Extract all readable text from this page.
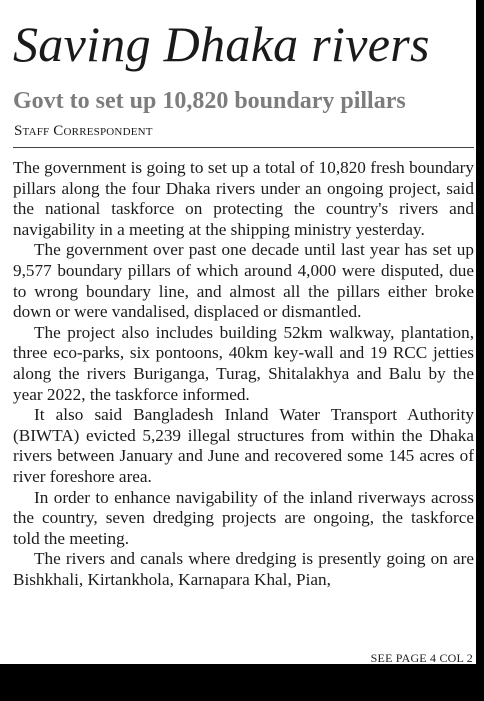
Saving Dhaka rivers
Govt to set up 10,820 boundary pillars
Staff Correspondent

The government is going to set up a total of 10,820 fresh boundary pillars along the four Dhaka rivers under an ongoing project, said the national taskforce on protecting the country's rivers and navigability in a meeting at the shipping ministry yesterday.

The government over past one decade until last year has set up 9,577 boundary pillars of which around 4,000 were disputed, due to wrong boundary line, and almost all the pillars either broke down or were vandalised, displaced or dismantled.

The project also includes building 52km walkway, plantation, three eco-parks, six pontoons, 40km key-wall and 19 RCC jetties along the rivers Buriganga, Turag, Shitalakhya and Balu by the year 2022, the taskforce informed.

It also said Bangladesh Inland Water Transport Authority (BIWTA) evicted 5,239 illegal structures from within the Dhaka rivers between January and June and recovered some 145 acres of river foreshore area.

In order to enhance navigability of the inland riverways across the country, seven dredging projects are ongoing, the taskforce told the meeting.

The rivers and canals where dredging is presently going on are Bishkhali, Kirtankhola, Karnapara Khal, Pian,

SEE PAGE 4 COL 2
